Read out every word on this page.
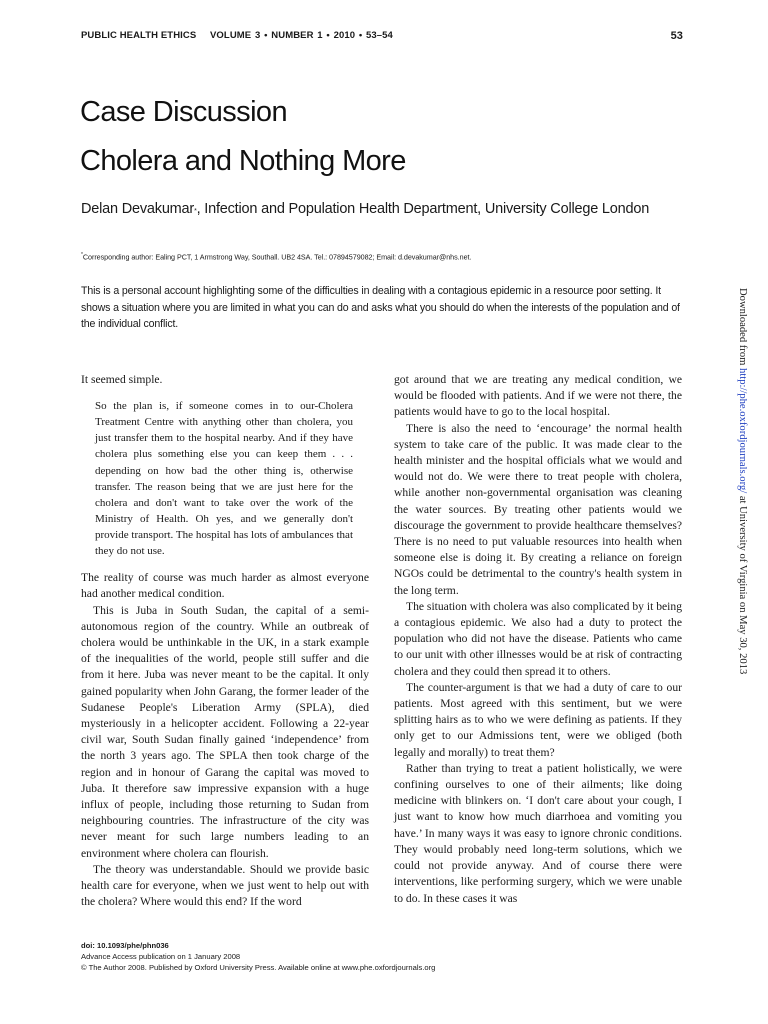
PUBLIC HEALTH ETHICS VOLUME 3 • NUMBER 1 • 2010 • 53–54	53
Case Discussion
Cholera and Nothing More
Delan Devakumar*, Infection and Population Health Department, University College London
*Corresponding author: Ealing PCT, 1 Armstrong Way, Southall. UB2 4SA. Tel.: 07894579082; Email: d.devakumar@nhs.net.

This is a personal account highlighting some of the difficulties in dealing with a contagious epidemic in a resource poor setting. It shows a situation where you are limited in what you can do and asks what you should do when the interests of the population and of the individual conflict.

It seemed simple.

So the plan is, if someone comes in to our-Cholera Treatment Centre with anything other than cholera, you just transfer them to the hospital nearby. And if they have cholera plus something else you can keep them . . . depending on how bad the other thing is, otherwise transfer. The reason being that we are just here for the cholera and don't want to take over the work of the Ministry of Health. Oh yes, and we generally don't provide transport. The hospital has lots of ambulances that they do not use.

The reality of course was much harder as almost everyone had another medical condition.

This is Juba in South Sudan, the capital of a semi-autonomous region of the country. While an outbreak of cholera would be unthinkable in the UK, in a stark example of the inequalities of the world, people still suffer and die from it here. Juba was never meant to be the capital. It only gained popularity when John Garang, the former leader of the Sudanese People's Liberation Army (SPLA), died mysteriously in a helicopter accident. Following a 22-year civil war, South Sudan finally gained ‘independence’ from the north 3 years ago. The SPLA then took charge of the region and in honour of Garang the capital was moved to Juba. It therefore saw impressive expansion with a huge influx of people, including those returning to Sudan from neighbouring countries. The infrastructure of the city was never meant for such large numbers leading to an environment where cholera can flourish.

The theory was understandable. Should we provide basic health care for everyone, when we just went to help out with the cholera? Where would this end? If the word

got around that we are treating any medical condition, we would be flooded with patients. And if we were not there, the patients would have to go to the local hospital.

There is also the need to ‘encourage’ the normal health system to take care of the public. It was made clear to the health minister and the hospital officials what we would and would not do. We were there to treat people with cholera, while another non-governmental organisation was cleaning the water sources. By treating other patients would we discourage the government to provide healthcare themselves? There is no need to put valuable resources into health when someone else is doing it. By creating a reliance on foreign NGOs could be detrimental to the country's health system in the long term.

The situation with cholera was also complicated by it being a contagious epidemic. We also had a duty to protect the population who did not have the disease. Patients who came to our unit with other illnesses would be at risk of contracting cholera and they could then spread it to others.

The counter-argument is that we had a duty of care to our patients. Most agreed with this sentiment, but we were splitting hairs as to who we were defining as patients. If they only get to our Admissions tent, were we obliged (both legally and morally) to treat them?

Rather than trying to treat a patient holistically, we were confining ourselves to one of their ailments; like doing medicine with blinkers on. ‘I don't care about your cough, I just want to know how much diarrhoea and vomiting you have.’ In many ways it was easy to ignore chronic conditions. They would probably need long-term solutions, which we could not provide anyway. And of course there were interventions, like performing surgery, which we were unable to do. In these cases it was

Downloaded from http://phe.oxfordjournals.org/ at University of Virginia on May 30, 2013
doi: 10.1093/phe/phn036
Advance Access publication on 1 January 2008
© The Author 2008. Published by Oxford University Press. Available online at www.phe.oxfordjournals.org
